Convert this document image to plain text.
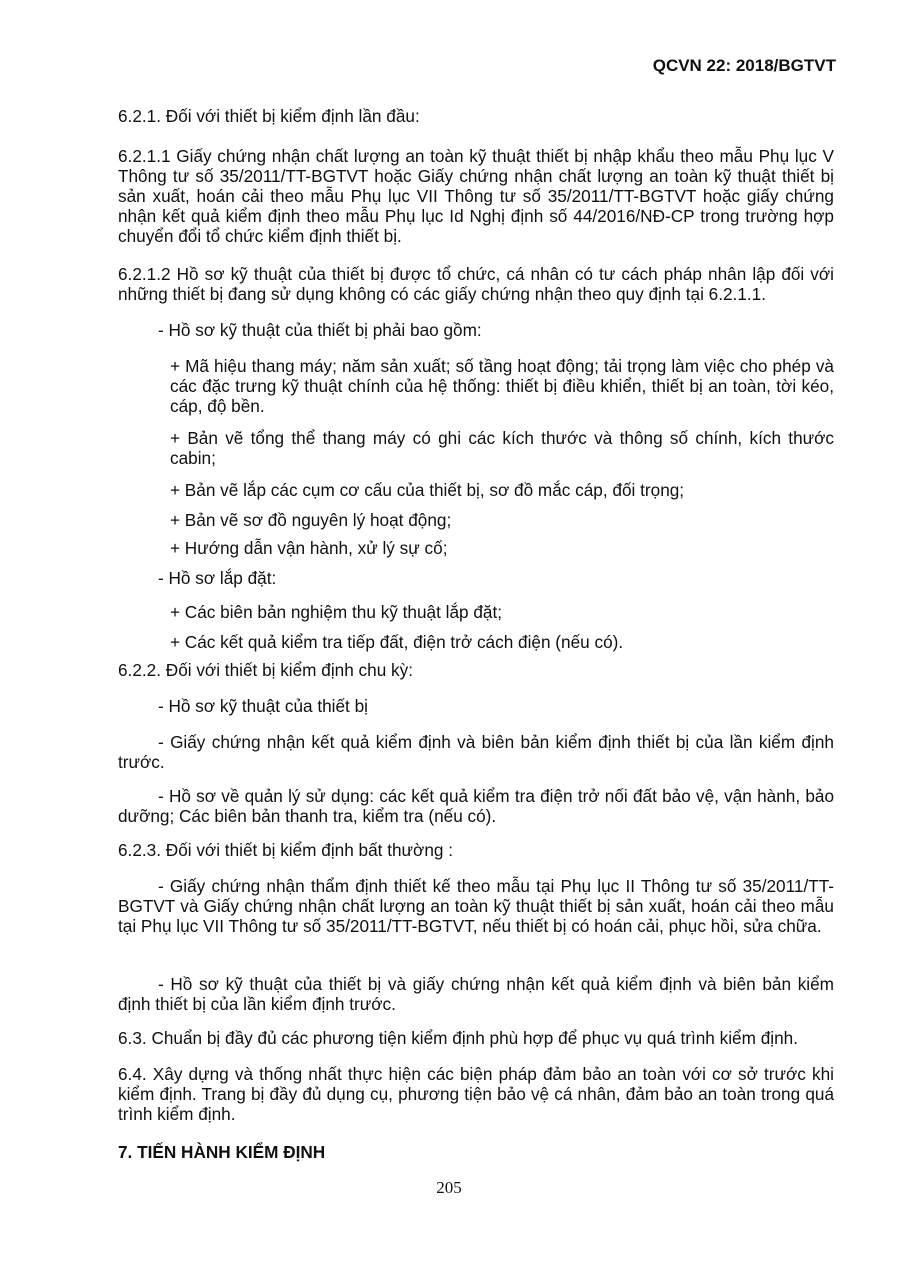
QCVN 22: 2018/BGTVT
6.2.1. Đối với thiết bị kiểm định lần đầu:
6.2.1.1 Giấy chứng nhận chất lượng an toàn kỹ thuật thiết bị nhập khẩu theo mẫu Phụ lục V Thông tư số 35/2011/TT-BGTVT hoặc Giấy chứng nhận chất lượng an toàn kỹ thuật thiết bị sản xuất, hoán cải theo mẫu Phụ lục VII Thông tư số 35/2011/TT-BGTVT hoặc giấy chứng nhận kết quả kiểm định theo mẫu Phụ lục Id Nghị định số 44/2016/NĐ-CP trong trường hợp chuyển đổi tổ chức kiểm định thiết bị.
6.2.1.2 Hồ sơ kỹ thuật của thiết bị được tổ chức, cá nhân có tư cách pháp nhân lập đối với những thiết bị đang sử dụng không có các giấy chứng nhận theo quy định tại 6.2.1.1.
- Hồ sơ kỹ thuật của thiết bị phải bao gồm:
+ Mã hiệu thang máy; năm sản xuất; số tầng hoạt động; tải trọng làm việc cho phép và các đặc trưng kỹ thuật chính của hệ thống: thiết bị điều khiển, thiết bị an toàn, tời kéo, cáp, độ bền.
+ Bản vẽ tổng thể thang máy có ghi các kích thước và thông số chính, kích thước cabin;
+ Bản vẽ lắp các cụm cơ cấu của thiết bị, sơ đồ mắc cáp, đối trọng;
+ Bản vẽ sơ đồ nguyên lý hoạt động;
+ Hướng dẫn vận hành, xử lý sự cố;
- Hồ sơ lắp đặt:
+ Các biên bản nghiệm thu kỹ thuật lắp đặt;
+ Các kết quả kiểm tra tiếp đất, điện trở cách điện (nếu có).
6.2.2. Đối với thiết bị kiểm định chu kỳ:
- Hồ sơ kỹ thuật của thiết bị
- Giấy chứng nhận kết quả kiểm định và biên bản kiểm định thiết bị của lần kiểm định trước.
- Hồ sơ về quản lý sử dụng: các kết quả kiểm tra điện trở nối đất bảo vệ, vận hành, bảo dưỡng; Các biên bản thanh tra, kiểm tra (nếu có).
6.2.3. Đối với thiết bị kiểm định bất thường :
- Giấy chứng nhận thẩm định thiết kế theo mẫu tại Phụ lục II Thông tư số 35/2011/TT-BGTVT và Giấy chứng nhận chất lượng an toàn kỹ thuật thiết bị sản xuất, hoán cải theo mẫu tại Phụ lục VII Thông tư số 35/2011/TT-BGTVT, nếu thiết bị có hoán cải, phục hồi, sửa chữa.
- Hồ sơ kỹ thuật của thiết bị và giấy chứng nhận kết quả kiểm định và biên bản kiểm định thiết bị của lần kiểm định trước.
6.3. Chuẩn bị đầy đủ các phương tiện kiểm định phù hợp để phục vụ quá trình kiểm định.
6.4. Xây dựng và thống nhất thực hiện các biện pháp đảm bảo an toàn với cơ sở trước khi kiểm định. Trang bị đầy đủ dụng cụ, phương tiện bảo vệ cá nhân, đảm bảo an toàn trong quá trình kiểm định.
7. TIẾN HÀNH KIỂM ĐỊNH
205
